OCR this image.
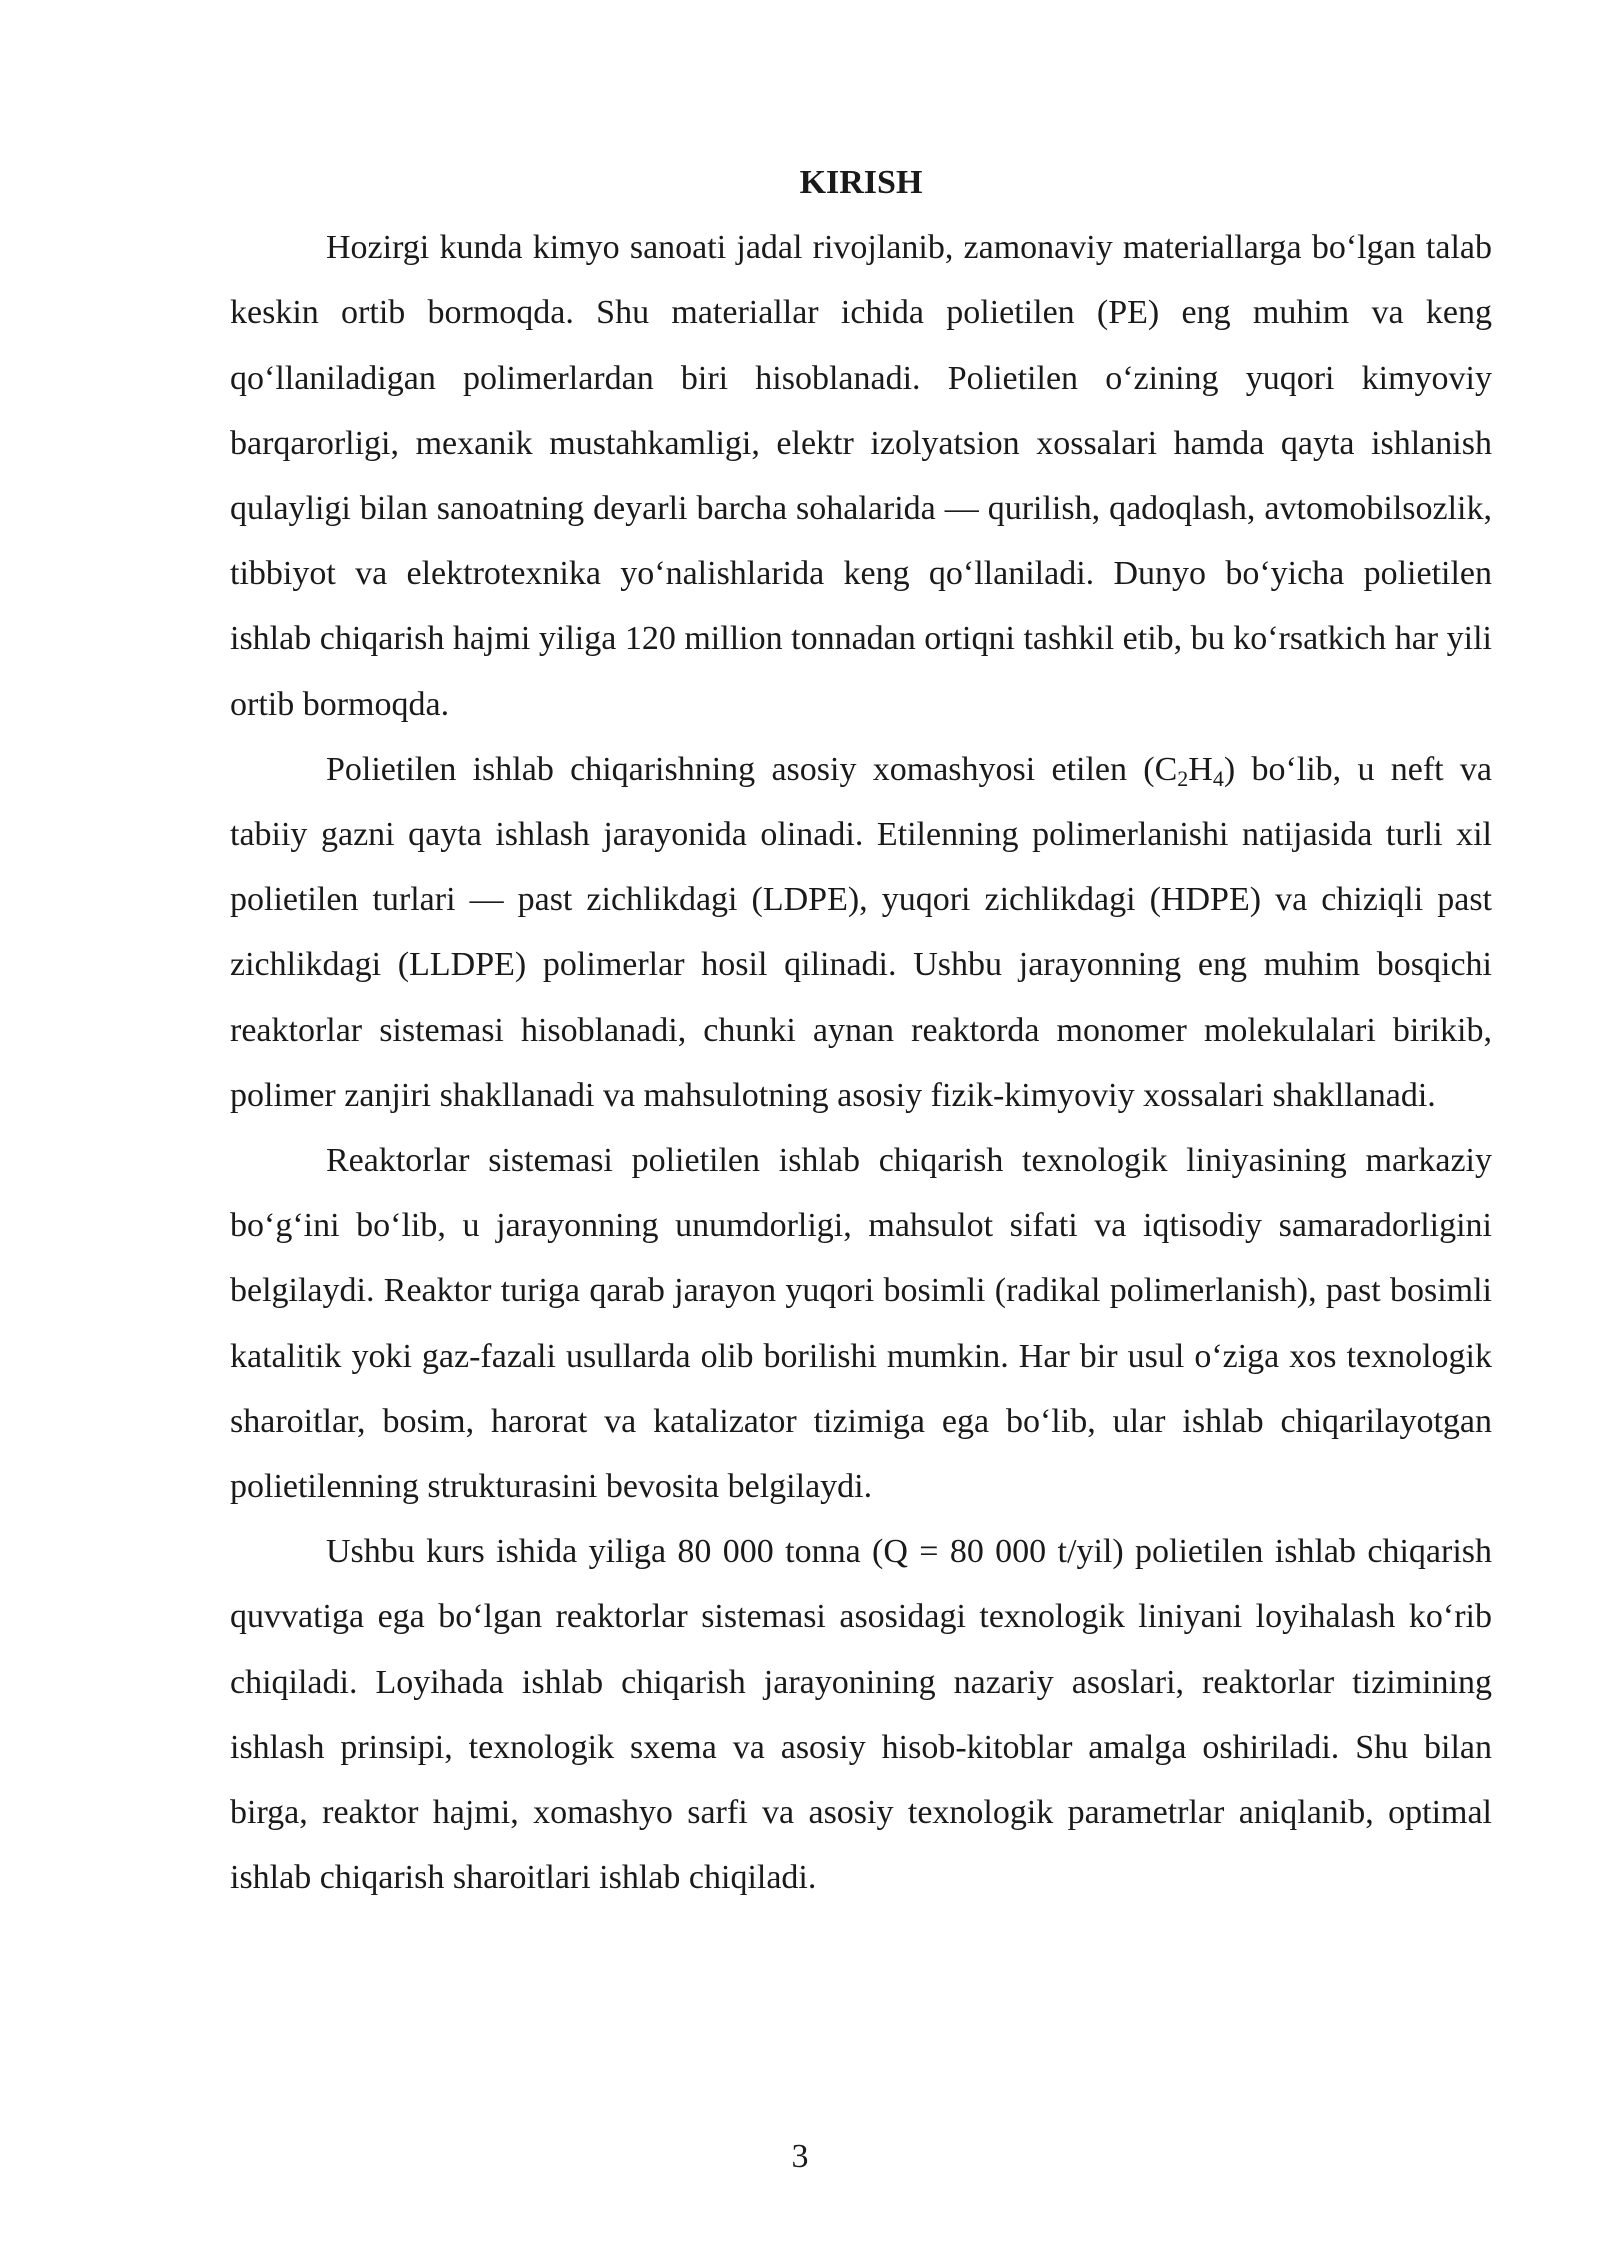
KIRISH

Hozirgi kunda kimyo sanoati jadal rivojlanib, zamonaviy materiallarga bo‘lgan talab keskin ortib bormoqda. Shu materiallar ichida polietilen (PE) eng muhim va keng qo‘llaniladigan polimerlardan biri hisoblanadi. Polietilen o‘zining yuqori kimyoviy barqarorligi, mexanik mustahkamligi, elektr izolyatsion xossalari hamda qayta ishlanish qulayligi bilan sanoatning deyarli barcha sohalarida — qurilish, qadoqlash, avtomobilsozlik, tibbiyot va elektrotexnika yo‘nalishlarida keng qo‘llaniladi. Dunyo bo‘yicha polietilen ishlab chiqarish hajmi yiliga 120 million tonnadan ortiqni tashkil etib, bu ko‘rsatkich har yili ortib bormoqda.

Polietilen ishlab chiqarishning asosiy xomashyosi etilen $(C_2H_4)$ bo‘lib, u neft va tabiiy gazni qayta ishlash jarayonida olinadi. Etilenning polimerlanishi natijasida turli xil polietilen turlari — past zichlikdagi (LDPE), yuqori zichlikdagi (HDPE) va chiziqli past zichlikdagi (LLDPE) polimerlar hosil qilinadi. Ushbu jarayonning eng muhim bosqichi reaktorlar sistemasi hisoblanadi, chunki aynan reaktorda monomer molekulalari birikib, polimer zanjiri shakllanadi va mahsulotning asosiy fizik-kimyoviy xossalari shakllanadi.

Reaktorlar sistemasi polietilen ishlab chiqarish texnologik liniyasining markaziy bo‘g‘ini bo‘lib, u jarayonning unumdorligi, mahsulot sifati va iqtisodiy samaradorligini belgilaydi. Reaktor turiga qarab jarayon yuqori bosimli (radikal polimerlanish), past bosimli katalitik yoki gaz-fazali usullarda olib borilishi mumkin. Har bir usul o‘ziga xos texnologik sharoitlar, bosim, harorat va katalizator tizimiga ega bo‘lib, ular ishlab chiqarilayotgan polietilenning strukturasini bevosita belgilaydi.

Ushbu kurs ishida yiliga 80 000 tonna (Q = 80 000 t/yil) polietilen ishlab chiqarish quvvatiga ega bo‘lgan reaktorlar sistemasi asosidagi texnologik liniyani loyihalash ko‘rib chiqiladi. Loyihada ishlab chiqarish jarayonining nazariy asoslari, reaktorlar tizimining ishlash prinsipi, texnologik sxema va asosiy hisob-kitoblar amalga oshiriladi. Shu bilan birga, reaktor hajmi, xomashyo sarfi va asosiy texnologik parametrlar aniqlanib, optimal ishlab chiqarish sharoitlari ishlab chiqiladi.

3
